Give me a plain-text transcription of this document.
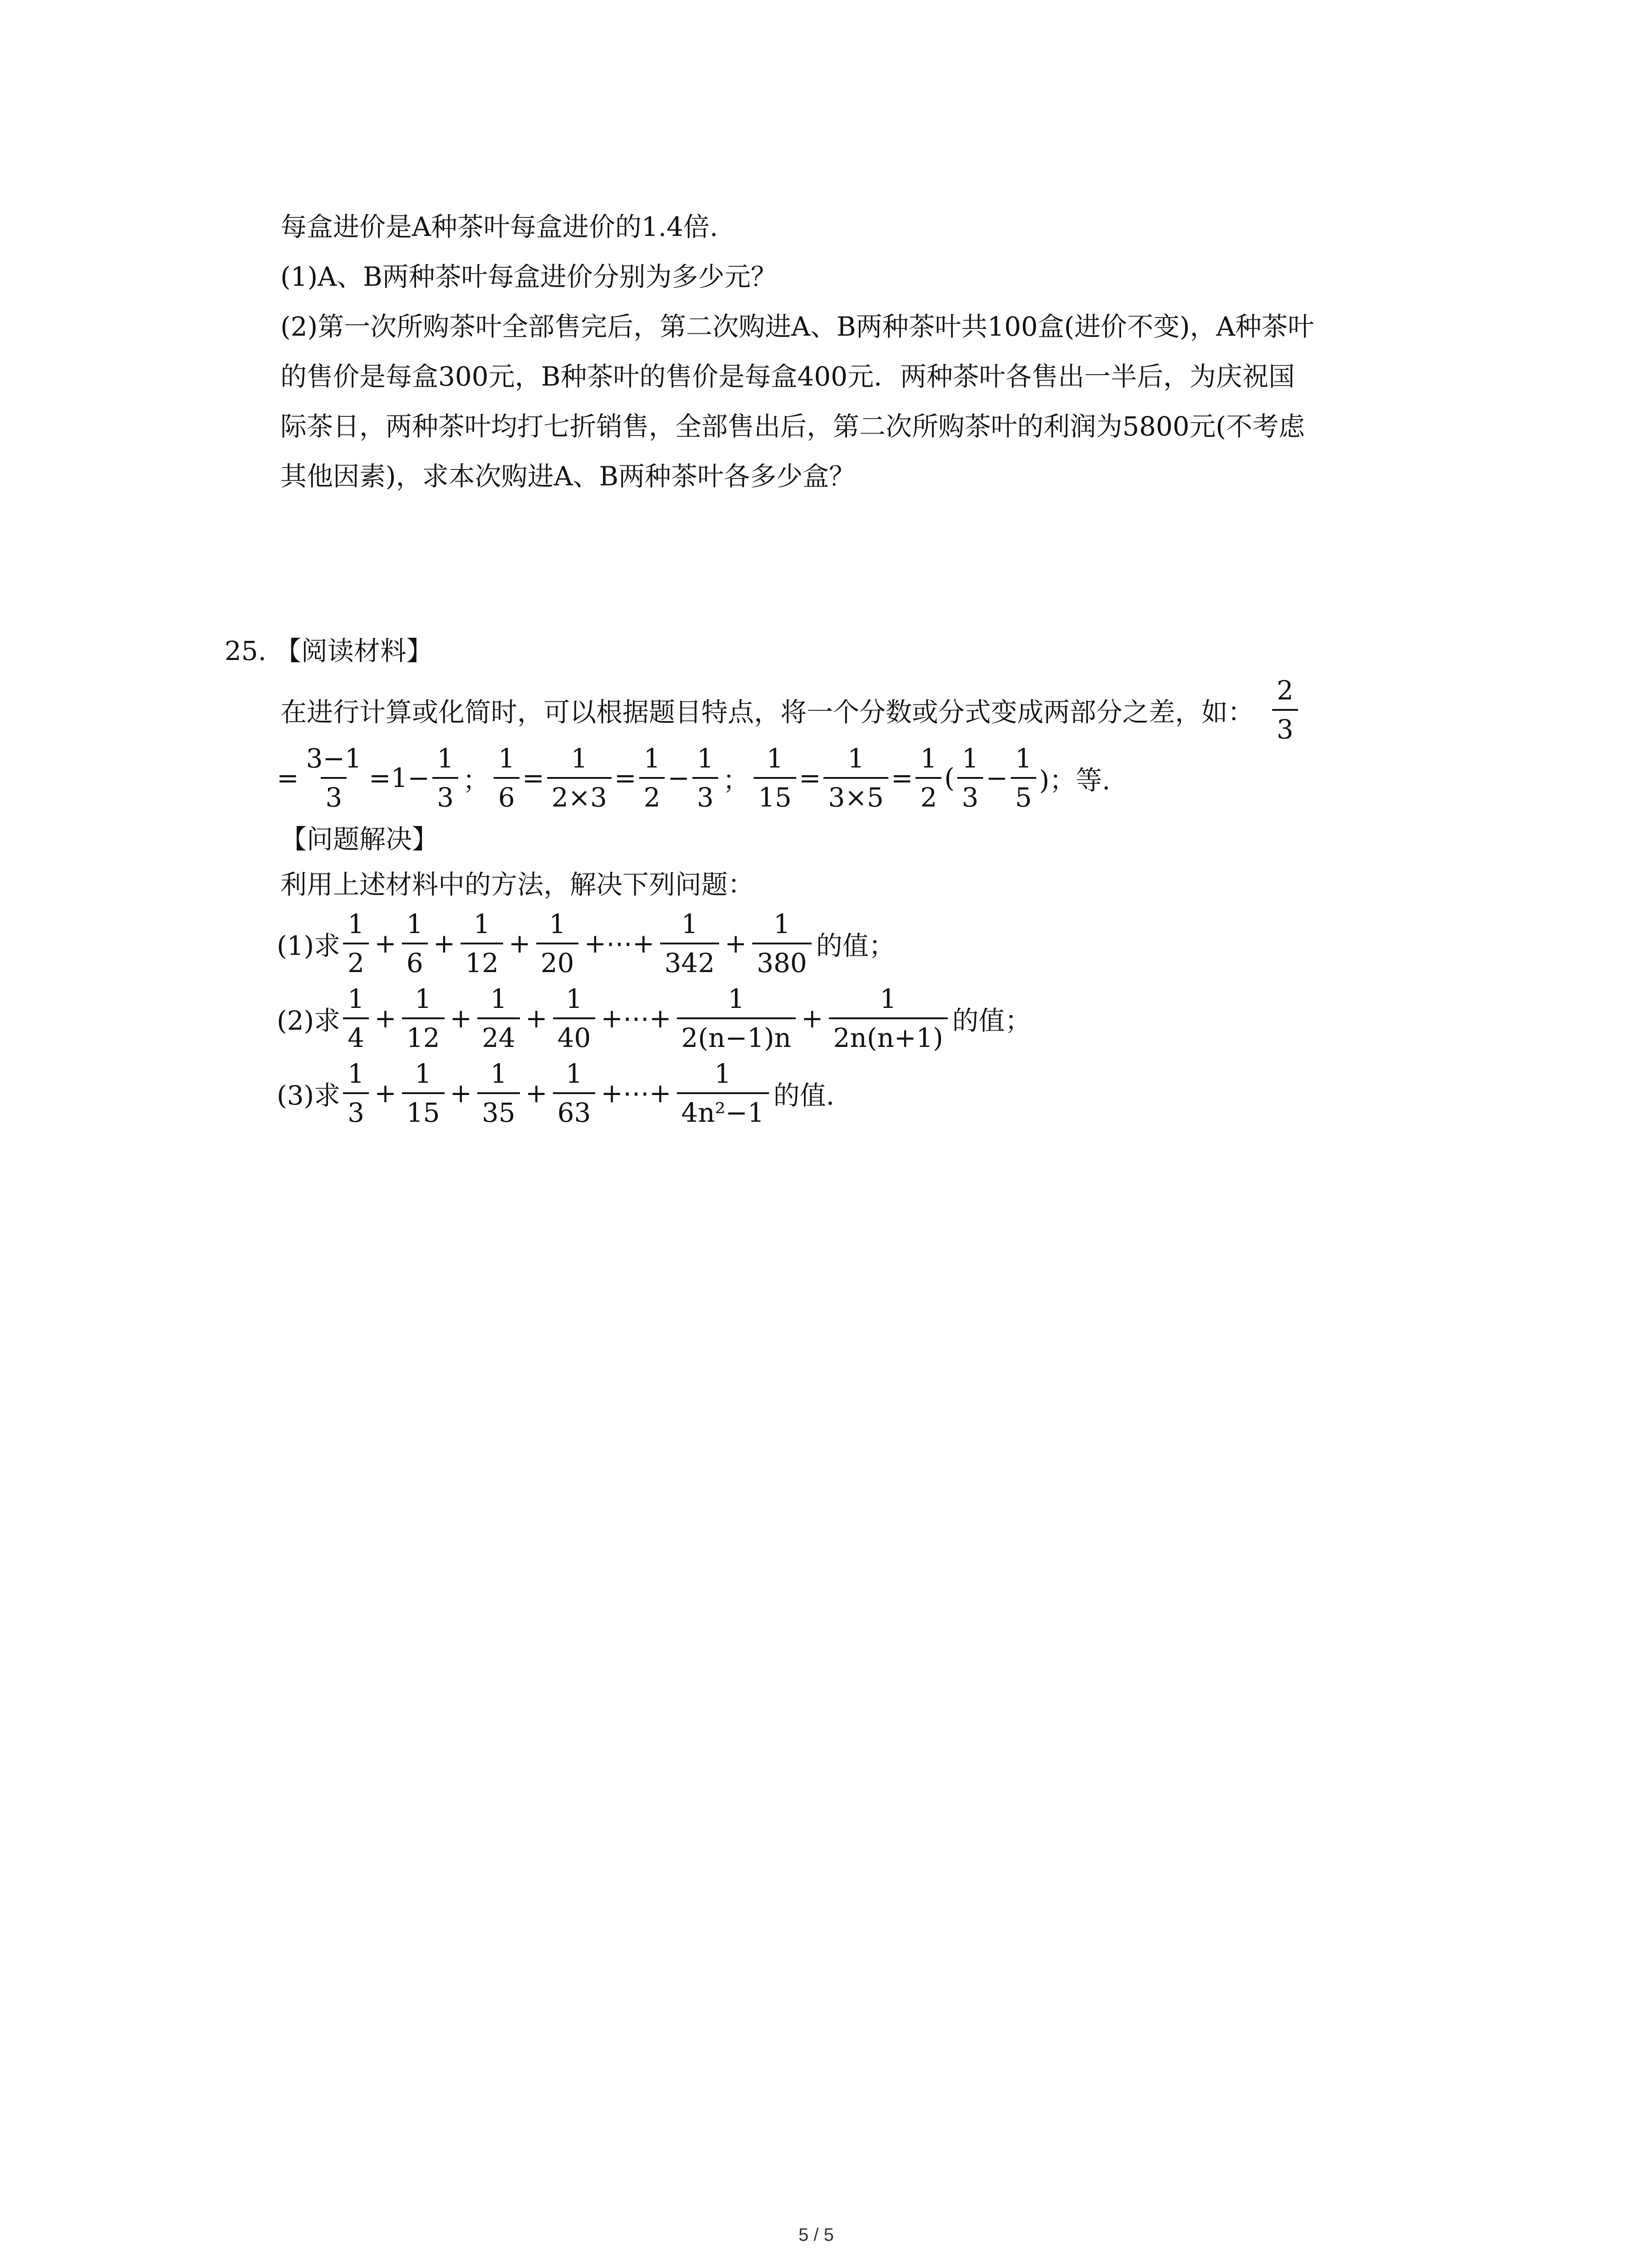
每盒进价是A种茶叶每盒进价的1.4倍.
(1)A、B两种茶叶每盒进价分别为多少元？
(2)第一次所购茶叶全部售完后，第二次购进A、B两种茶叶共100盒(进价不变)，A种茶叶
的售价是每盒300元，B种茶叶的售价是每盒400元．两种茶叶各售出一半后，为庆祝国
际茶日，两种茶叶均打七折销售，全部售出后，第二次所购茶叶的利润为5800元(不考虑
其他因素)，求本次购进A、B两种茶叶各多少盒？
25. 【阅读材料】
在进行计算或化简时，可以根据题目特点，将一个分数或分式变成两部分之差，如： $\frac{2}{3}$
= $\frac{3-1}{3} =1- \frac{1}{3}$ ； $\frac{1}{6} = \frac{1}{2\times 3} = \frac{1}{2} - \frac{1}{3}$ ； $\frac{1}{15} = \frac{1}{3\times 5} = \frac{1}{2}$ ( $\frac{1}{3} - \frac{1}{5}$ )；等.
【问题解决】
利用上述材料中的方法，解决下列问题：
(1)求 $\frac{1}{2} + \frac{1}{6} + \frac{1}{12} + \frac{1}{20}$ +⋯+ $\frac{1}{342} + \frac{1}{380}$ 的值；
(2)求 $\frac{1}{4} + \frac{1}{12} + \frac{1}{24} + \frac{1}{40}$ +⋯+ $\frac{1}{2(n-1)n} + \frac{1}{2n(n+1)}$ 的值；
(3)求 $\frac{1}{3} + \frac{1}{15} + \frac{1}{35} + \frac{1}{63}$ +⋯+ $\frac{1}{\text{4n²−1}}$ 的值.
5 / 5
